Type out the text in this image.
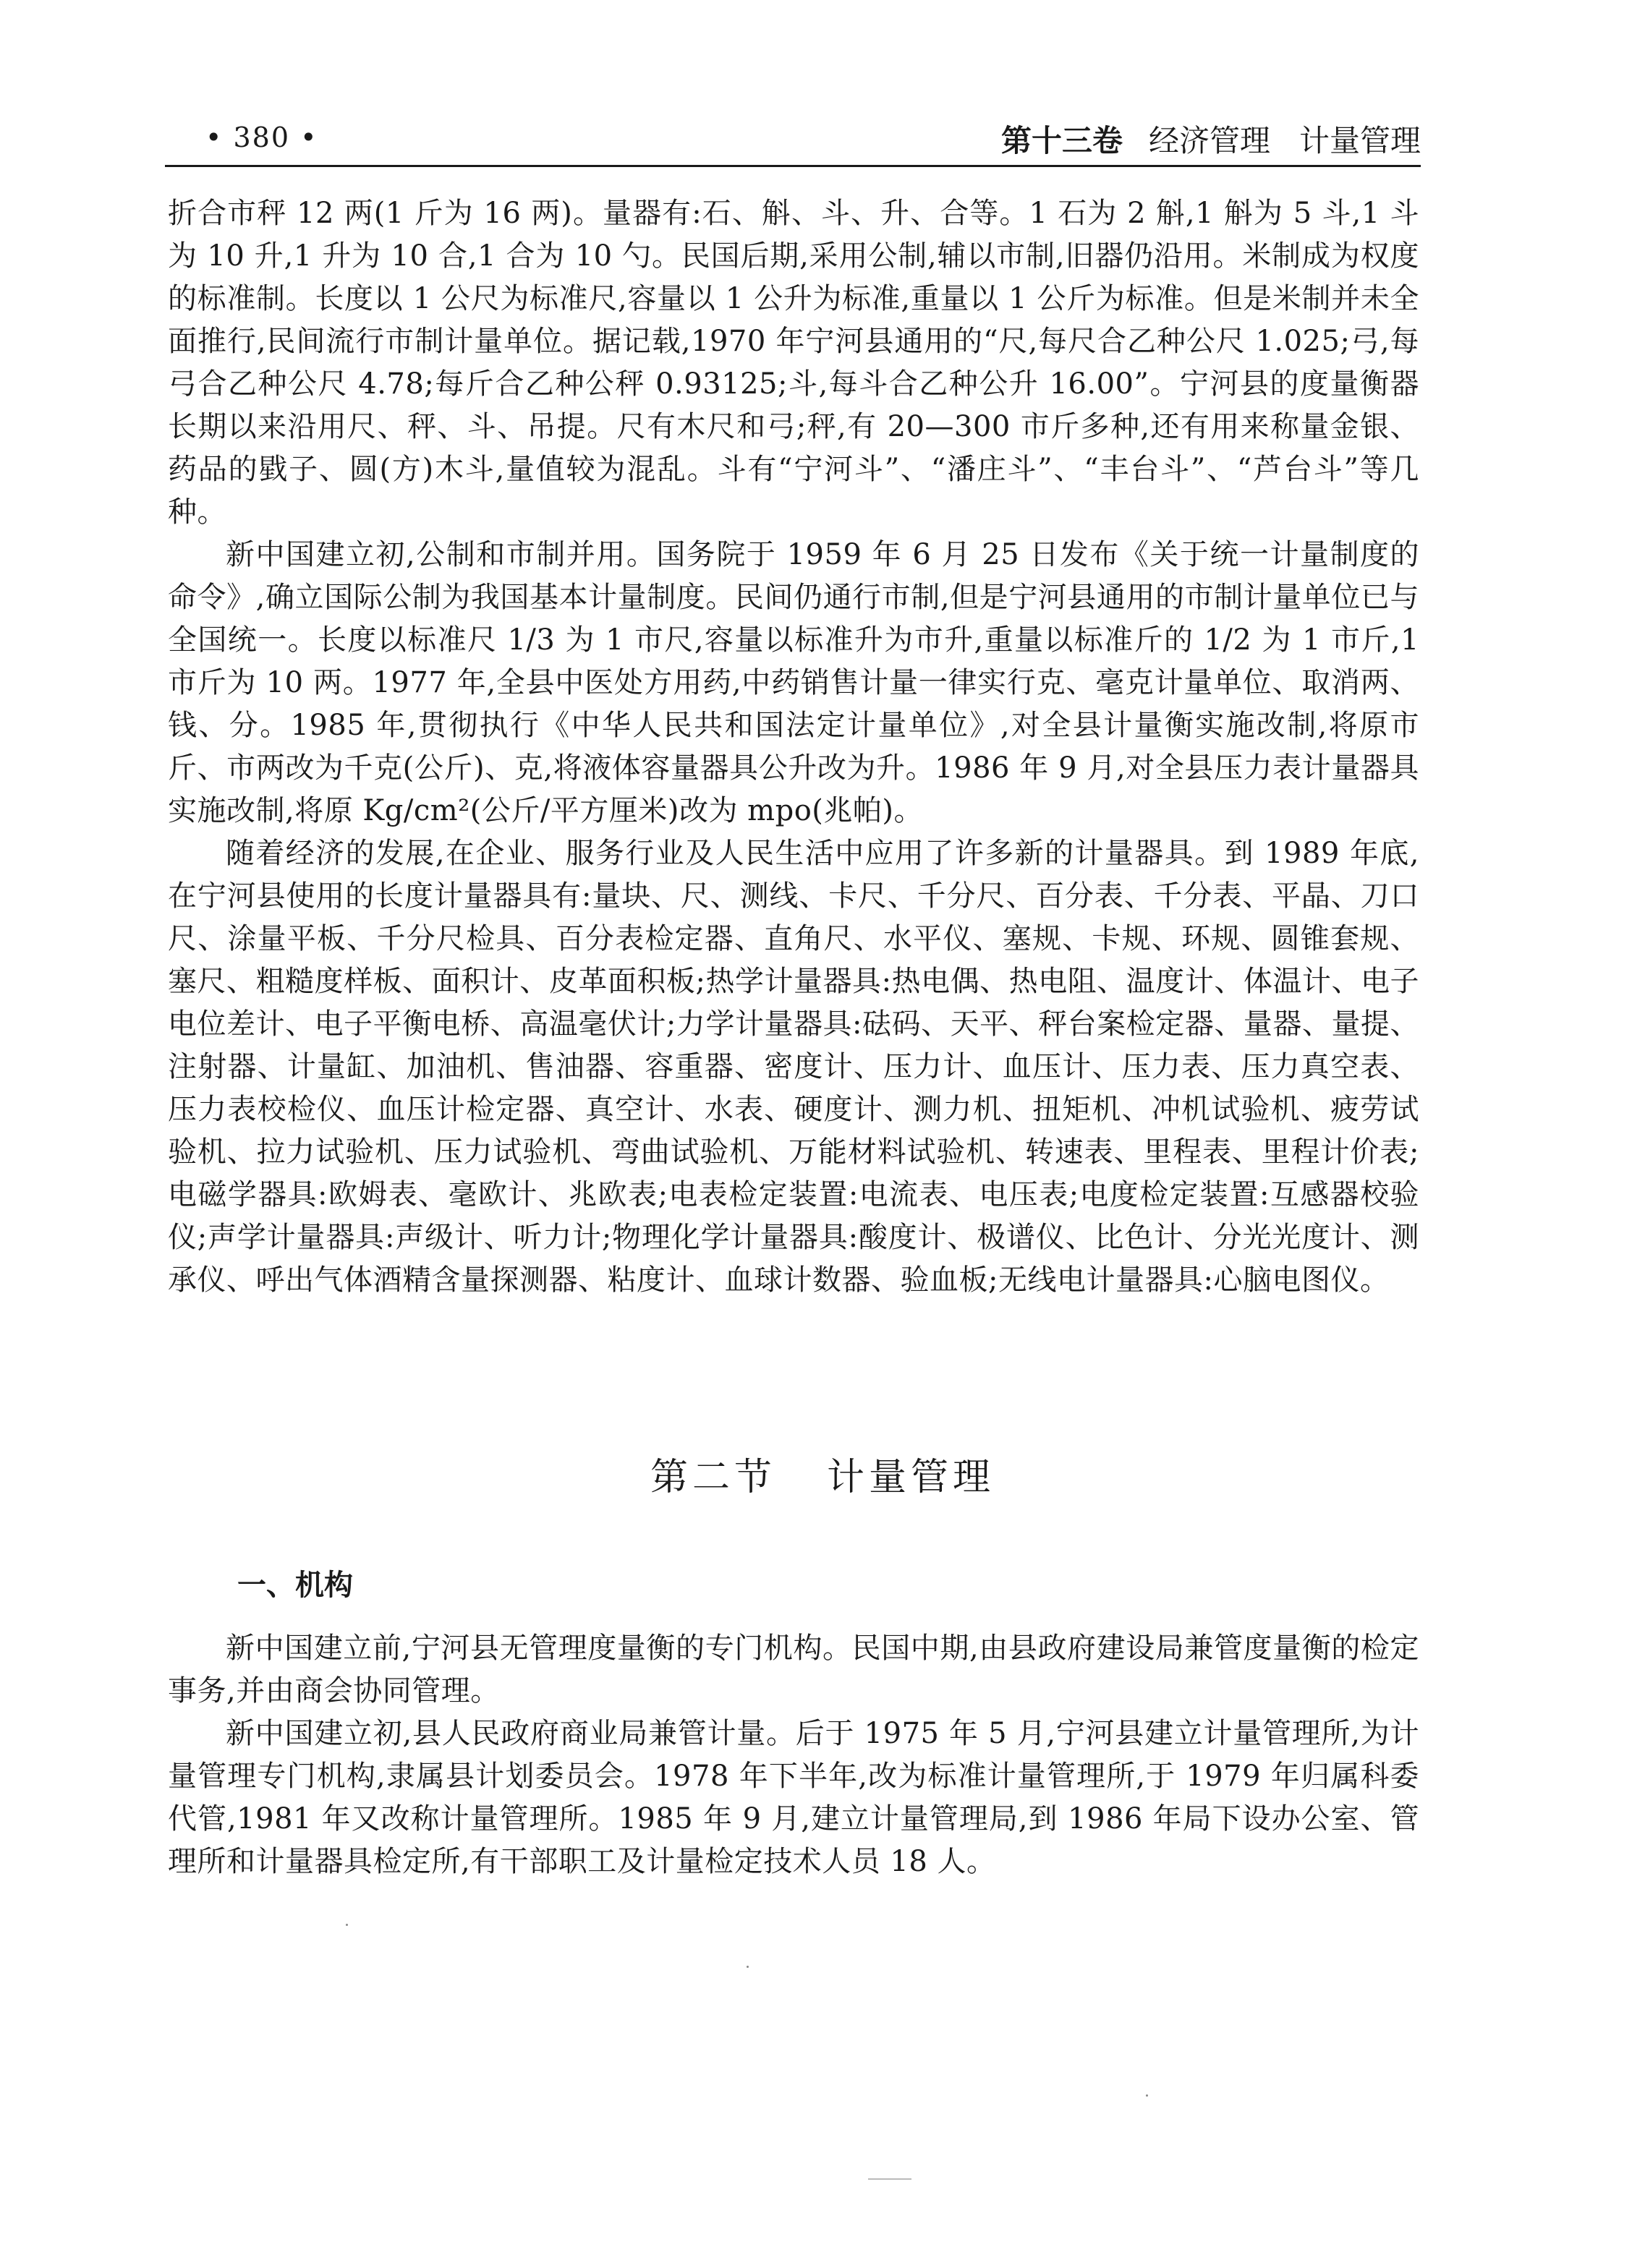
• 380 •	第十三卷 经济管理 计量管理

折合市秤 12 两(1 斤为 16 两)。量器有:石、斛、斗、升、合等。1 石为 2 斛,1 斛为 5 斗,1 斗为 10 升,1 升为 10 合,1 合为 10 勺。民国后期,采用公制,辅以市制,旧器仍沿用。米制成为权度的标准制。长度以 1 公尺为标准尺,容量以 1 公升为标准,重量以 1 公斤为标准。但是米制并未全面推行,民间流行市制计量单位。据记载,1970 年宁河县通用的“尺,每尺合乙种公尺 1.025;弓,每弓合乙种公尺 4.78;每斤合乙种公秤 0.93125;斗,每斗合乙种公升 16.00”。宁河县的度量衡器长期以来沿用尺、秤、斗、吊提。尺有木尺和弓;秤,有 20—300 市斤多种,还有用来称量金银、药品的戥子、圆(方)木斗,量值较为混乱。斗有“宁河斗”、“潘庄斗”、“丰台斗”、“芦台斗”等几种。

新中国建立初,公制和市制并用。国务院于 1959 年 6 月 25 日发布《关于统一计量制度的命令》,确立国际公制为我国基本计量制度。民间仍通行市制,但是宁河县通用的市制计量单位已与全国统一。长度以标准尺 1/3 为 1 市尺,容量以标准升为市升,重量以标准斤的 1/2 为 1 市斤,1 市斤为 10 两。1977 年,全县中医处方用药,中药销售计量一律实行克、毫克计量单位、取消两、钱、分。1985 年,贯彻执行《中华人民共和国法定计量单位》,对全县计量衡实施改制,将原市斤、市两改为千克(公斤)、克,将液体容量器具公升改为升。1986 年 9 月,对全县压力表计量器具实施改制,将原 Kg/cm²(公斤/平方厘米)改为 mpo(兆帕)。

随着经济的发展,在企业、服务行业及人民生活中应用了许多新的计量器具。到 1989 年底,在宁河县使用的长度计量器具有:量块、尺、测线、卡尺、千分尺、百分表、千分表、平晶、刀口尺、涂量平板、千分尺检具、百分表检定器、直角尺、水平仪、塞规、卡规、环规、圆锥套规、塞尺、粗糙度样板、面积计、皮革面积板;热学计量器具:热电偶、热电阻、温度计、体温计、电子电位差计、电子平衡电桥、高温毫伏计;力学计量器具:砝码、天平、秤台案检定器、量器、量提、注射器、计量缸、加油机、售油器、容重器、密度计、压力计、血压计、压力表、压力真空表、压力表校检仪、血压计检定器、真空计、水表、硬度计、测力机、扭矩机、冲机试验机、疲劳试验机、拉力试验机、压力试验机、弯曲试验机、万能材料试验机、转速表、里程表、里程计价表;电磁学器具:欧姆表、毫欧计、兆欧表;电表检定装置:电流表、电压表;电度检定装置:互感器校验仪;声学计量器具:声级计、听力计;物理化学计量器具:酸度计、极谱仪、比色计、分光光度计、测承仪、呼出气体酒精含量探测器、粘度计、血球计数器、验血板;无线电计量器具:心脑电图仪。

第二节 计量管理
一、机构

新中国建立前,宁河县无管理度量衡的专门机构。民国中期,由县政府建设局兼管度量衡的检定事务,并由商会协同管理。

新中国建立初,县人民政府商业局兼管计量。后于 1975 年 5 月,宁河县建立计量管理所,为计量管理专门机构,隶属县计划委员会。1978 年下半年,改为标准计量管理所,于 1979 年归属科委代管,1981 年又改称计量管理所。1985 年 9 月,建立计量管理局,到 1986 年局下设办公室、管理所和计量器具检定所,有干部职工及计量检定技术人员 18 人。
